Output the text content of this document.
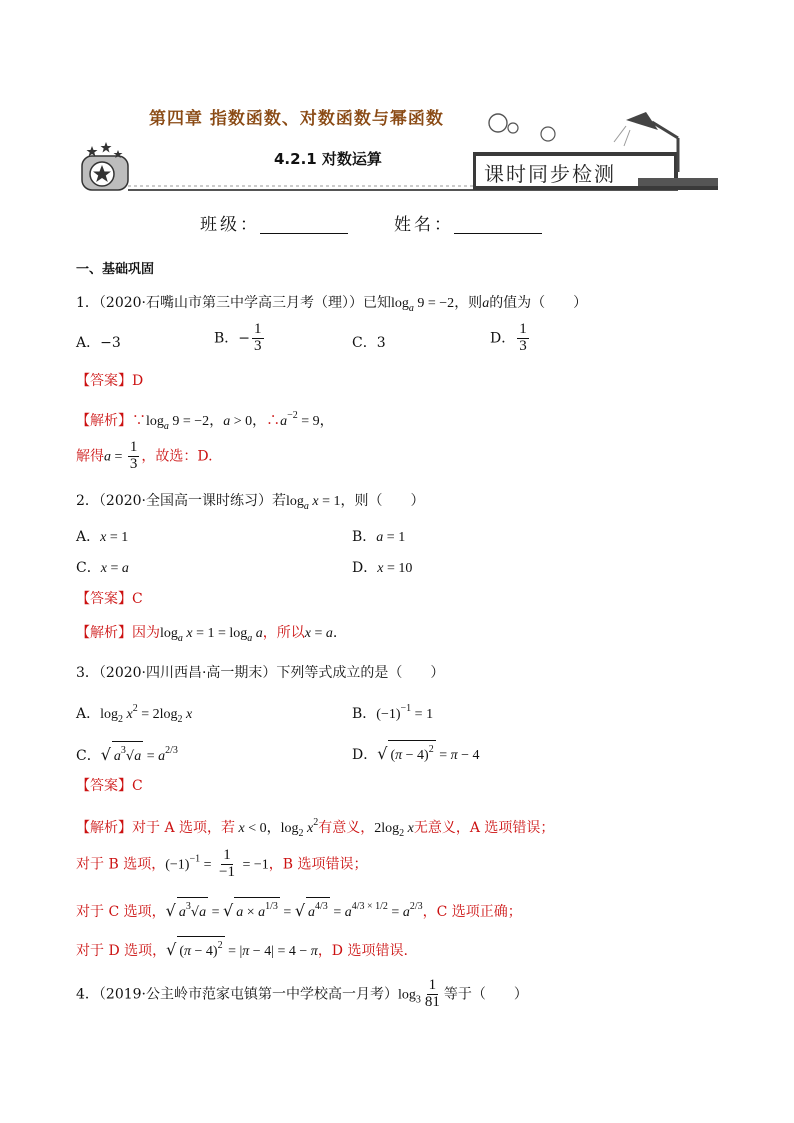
第四章 指数函数、对数函数与幂函数
4.2.1 对数运算
课时同步检测
班级：	姓名：
一、基础巩固
1．（2020·石嘴山市第三中学高三月考（理））已知$\log_a 9 = -2$，则a的值为（　　）
A．−3	B．− $\frac{1}{3}$	C．3	D． $\frac{1}{3}$
【答案】D
【解析】$\because\log_a$ 9 = −2，a > 0，$\therefore a^{-2} = 9$，
解得$a = \frac{1}{3}$ ，故选：D.
2．（2020·全国高一课时练习）若$\log_a x = 1$，则（　　）
A．x = 1	B．a = 1
C．x = a	D．x = 10
【答案】C
【解析】因为$\log_a x = 1 = \log_a a$，所以x = a.
3．（2020·四川西昌·高一期末）下列等式成立的是（　　）
A．$\log_2 x^2 = 2\log_2$ x	B．$(-1)^{-1} = 1$
C．√ $a^3√a = a^{2/3}$	D．√ $(\pi - 4)^2 = \pi - 4$
【答案】C
【解析】对于 A 选项，若 x < 0，$\log_2 x^2$有意义，$2\log_2$ x无意义，A 选项错误；
对于 B 选项，$(-1)^{-1} = \frac{1}{-1} = -1$，B 选项错误；
对于 C 选项，√ $a^3√a$ = √ $a \times a^{1/3}$ = √ $a^{4/3} = a^{4/3 \times 1/2} = a^{2/3}$，C 选项正确；
对于 D 选项，√ $(\pi - 4)^2 = |\pi - 4| = 4 - \pi$，D 选项错误.
4．（2019·公主岭市范家屯镇第一中学校高一月考）$\log_3 \frac{1}{81}$ 等于（　　）
